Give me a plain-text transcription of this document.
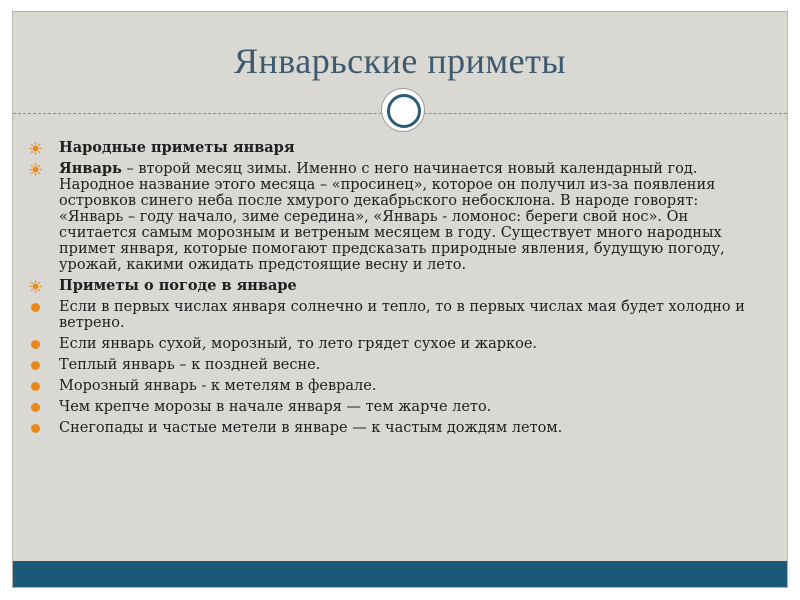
Январьские приметы
Народные приметы января
Январь – второй месяц зимы. Именно с него начинается новый календарный год. Народное название этого месяца – «просинец», которое он получил из-за появления островков синего неба после хмурого декабрьского небосклона. В народе говорят: «Январь – году начало, зиме середина», «Январь - ломонос: береги свой нос». Он считается самым морозным и ветреным месяцем в году. Существует много народных примет января, которые помогают предсказать природные явления, будущую погоду, урожай, какими ожидать предстоящие весну и лето.
Приметы о погоде в январе
Если в первых числах января солнечно и тепло, то в первых числах мая будет холодно и ветрено.
Если январь сухой, морозный, то лето грядет сухое и жаркое.
Теплый январь – к поздней весне.
Морозный январь - к метелям в феврале.
Чем крепче морозы в начале января — тем жарче лето.
Снегопады и частые метели в январе — к частым дождям летом.
